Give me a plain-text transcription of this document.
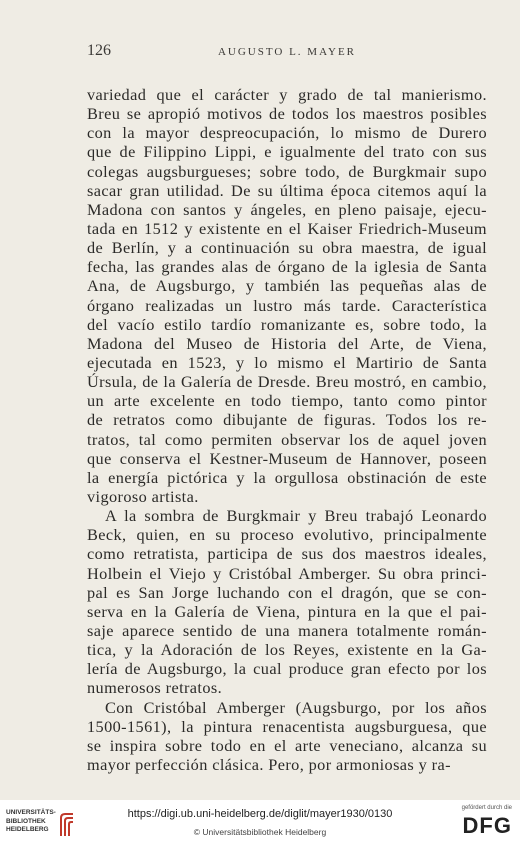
126	AUGUSTO L. MAYER
variedad que el carácter y grado de tal manierismo.
Breu se apropió motivos de todos los maestros posibles
con la mayor despreocupación, lo mismo de Durero
que de Filippino Lippi, e igualmente del trato con sus
colegas augsburgueses; sobre todo, de Burgkmair supo
sacar gran utilidad. De su última época citemos aquí la
Madona con santos y ángeles, en pleno paisaje, ejecu-
tada en 1512 y existente en el Kaiser Friedrich-Museum
de Berlín, y a continuación su obra maestra, de igual
fecha, las grandes alas de órgano de la iglesia de Santa
Ana, de Augsburgo, y también las pequeñas alas de
órgano realizadas un lustro más tarde. Característica
del vacío estilo tardío romanizante es, sobre todo, la
Madona del Museo de Historia del Arte, de Viena,
ejecutada en 1523, y lo mismo el Martirio de Santa
Úrsula, de la Galería de Dresde. Breu mostró, en cambio,
un arte excelente en todo tiempo, tanto como pintor
de retratos como dibujante de figuras. Todos los re-
tratos, tal como permiten observar los de aquel joven
que conserva el Kestner-Museum de Hannover, poseen
la energía pictórica y la orgullosa obstinación de este
vigoroso artista.
A la sombra de Burgkmair y Breu trabajó Leonardo
Beck, quien, en su proceso evolutivo, principalmente
como retratista, participa de sus dos maestros ideales,
Holbein el Viejo y Cristóbal Amberger. Su obra princi-
pal es San Jorge luchando con el dragón, que se con-
serva en la Galería de Viena, pintura en la que el pai-
saje aparece sentido de una manera totalmente román-
tica, y la Adoración de los Reyes, existente en la Ga-
lería de Augsburgo, la cual produce gran efecto por los
numerosos retratos.
Con Cristóbal Amberger (Augsburgo, por los años
1500-1561), la pintura renacentista augsburguesa, que
se inspira sobre todo en el arte veneciano, alcanza su
mayor perfección clásica. Pero, por armoniosas y ra-
UNIVERSITÄTS-
BIBLIOTHEK
HEIDELBERG
https://digi.ub.uni-heidelberg.de/diglit/mayer1930/0130
© Universitätsbibliothek Heidelberg
gefördert durch die
DFG
